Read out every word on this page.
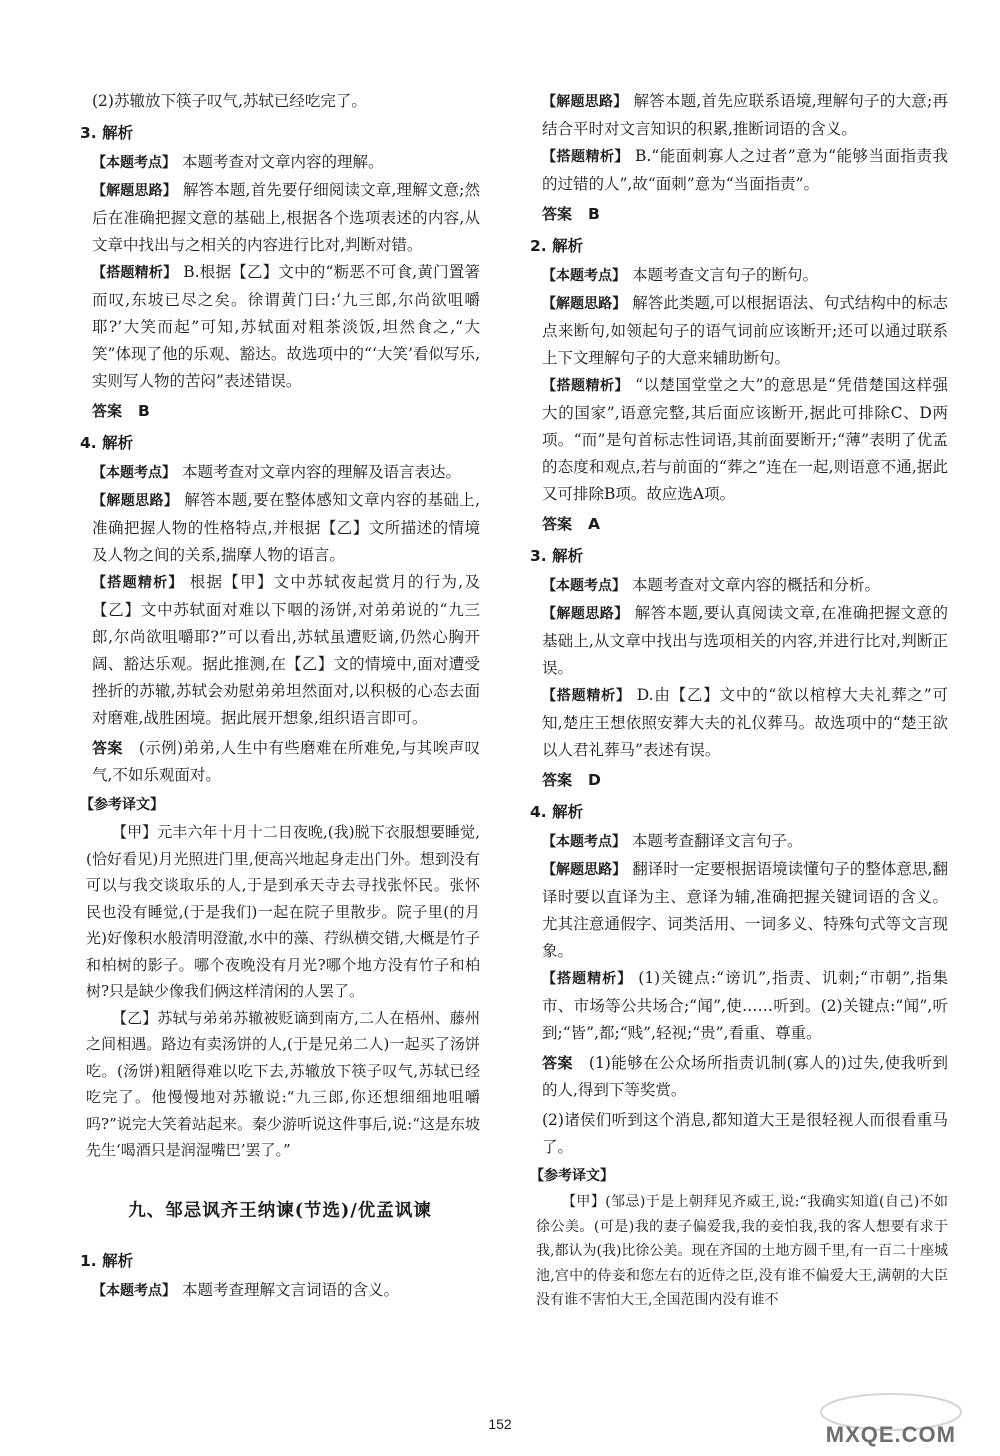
(2)苏辙放下筷子叹气,苏轼已经吃完了。

3. 解析

【本题考点】 本题考查对文章内容的理解。

【解题思路】 解答本题,首先要仔细阅读文章,理解文意;然后在准确把握文意的基础上,根据各个选项表述的内容,从文章中找出与之相关的内容进行比对,判断对错。

【搭题精析】 B.根据【乙】文中的“粝恶不可食,黄门置箸而叹,东坡已尽之矣。徐谓黄门曰:‘九三郎,尔尚欲咀嚼耶?’大笑而起”可知,苏轼面对粗茶淡饭,坦然食之,“大笑”体现了他的乐观、豁达。故选项中的“‘大笑’看似写乐,实则写人物的苦闷”表述错误。

答案 B

4. 解析

【本题考点】 本题考查对文章内容的理解及语言表达。

【解题思路】 解答本题,要在整体感知文章内容的基础上,准确把握人物的性格特点,并根据【乙】文所描述的情境及人物之间的关系,揣摩人物的语言。

【搭题精析】 根据【甲】文中苏轼夜起赏月的行为,及【乙】文中苏轼面对难以下咽的汤饼,对弟弟说的“九三郎,尔尚欲咀嚼耶?”可以看出,苏轼虽遭贬谪,仍然心胸开阔、豁达乐观。据此推测,在【乙】文的情境中,面对遭受挫折的苏辙,苏轼会劝慰弟弟坦然面对,以积极的心态去面对磨难,战胜困境。据此展开想象,组织语言即可。

答案 (示例)弟弟,人生中有些磨难在所难免,与其唉声叹气,不如乐观面对。

【参考译文】

【甲】元丰六年十月十二日夜晚,(我)脱下衣服想要睡觉,(恰好看见)月光照进门里,便高兴地起身走出门外。想到没有可以与我交谈取乐的人,于是到承天寺去寻找张怀民。张怀民也没有睡觉,(于是我们)一起在院子里散步。院子里(的月光)好像积水般清明澄澈,水中的藻、荇纵横交错,大概是竹子和柏树的影子。哪个夜晚没有月光?哪个地方没有竹子和柏树?只是缺少像我们俩这样清闲的人罢了。

【乙】苏轼与弟弟苏辙被贬谪到南方,二人在梧州、藤州之间相遇。路边有卖汤饼的人,(于是兄弟二人)一起买了汤饼吃。(汤饼)粗陋得难以吃下去,苏辙放下筷子叹气,苏轼已经吃完了。他慢慢地对苏辙说:“九三郎,你还想细细地咀嚼吗?”说完大笑着站起来。秦少游听说这件事后,说:“这是东坡先生‘喝酒只是润湿嘴巴’罢了。”

九、邹忌讽齐王纳谏(节选)/优孟讽谏
1. 解析

【本题考点】 本题考查理解文言词语的含义。

【解题思路】 解答本题,首先应联系语境,理解句子的大意;再结合平时对文言知识的积累,推断词语的含义。

【搭题精析】 B.“能面刺寡人之过者”意为“能够当面指责我的过错的人”,故“面刺”意为“当面指责”。

答案 B

2. 解析

【本题考点】 本题考查文言句子的断句。

【解题思路】 解答此类题,可以根据语法、句式结构中的标志点来断句,如领起句子的语气词前应该断开;还可以通过联系上下文理解句子的大意来辅助断句。

【搭题精析】 “以楚国堂堂之大”的意思是“凭借楚国这样强大的国家”,语意完整,其后面应该断开,据此可排除C、D两项。“而”是句首标志性词语,其前面要断开;“薄”表明了优孟的态度和观点,若与前面的“葬之”连在一起,则语意不通,据此又可排除B项。故应选A项。

答案 A

3. 解析

【本题考点】 本题考查对文章内容的概括和分析。

【解题思路】 解答本题,要认真阅读文章,在准确把握文意的基础上,从文章中找出与选项相关的内容,并进行比对,判断正误。

【搭题精析】 D.由【乙】文中的“欲以棺椁大夫礼葬之”可知,楚庄王想依照安葬大夫的礼仪葬马。故选项中的“楚王欲以人君礼葬马”表述有误。

答案 D

4. 解析

【本题考点】 本题考查翻译文言句子。

【解题思路】 翻译时一定要根据语境读懂句子的整体意思,翻译时要以直译为主、意译为辅,准确把握关键词语的含义。尤其注意通假字、词类活用、一词多义、特殊句式等文言现象。

【搭题精析】 (1)关键点:“谤讥”,指责、讥刺;“市朝”,指集市、市场等公共场合;“闻”,使……听到。(2)关键点:“闻”,听到;“皆”,都;“贱”,轻视;“贵”,看重、尊重。

答案 (1)能够在公众场所指责讥制(寡人的)过失,使我听到的人,得到下等奖赏。

(2)诸侯们听到这个消息,都知道大王是很轻视人而很看重马了。

【参考译文】

【甲】(邹忌)于是上朝拜见齐威王,说:“我确实知道(自己)不如徐公美。(可是)我的妻子偏爱我,我的妾怕我,我的客人想要有求于我,都认为(我)比徐公美。现在齐国的土地方圆千里,有一百二十座城池,宫中的侍妾和您左右的近侍之臣,没有谁不偏爱大王,满朝的大臣没有谁不害怕大王,全国范围内没有谁不

152	MXQE.COM
